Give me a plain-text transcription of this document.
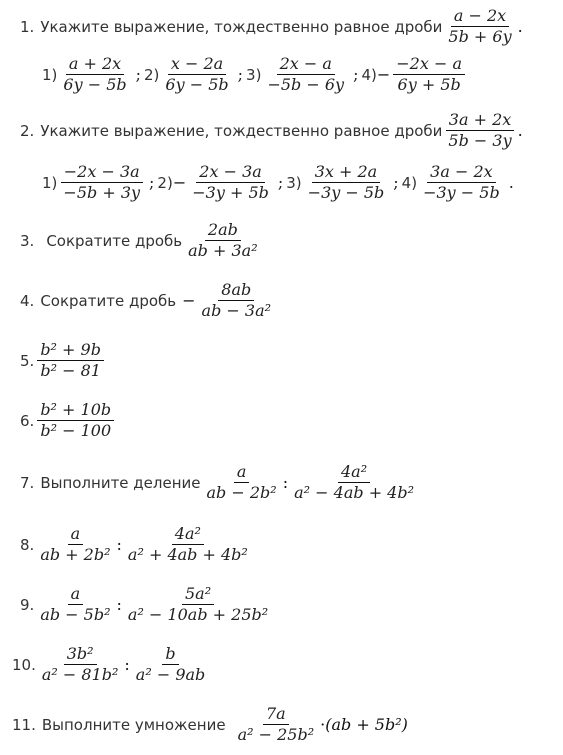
1. Укажите выражение, тождественно равное дроби $\frac{a - 2x}{5b + 6y}$ .
$1) \frac{a + 2x}{6y - 5b}$ ; $2) \frac{x - 2a}{6y - 5b}$ ; $3) \frac{2x - a}{-5b - 6y}$ ; $4) - \frac{-2x - a}{6y + 5b}$
2. Укажите выражение, тождественно равное дроби $\frac{3a + 2x}{5b - 3y}$ .
$1) \frac{-2x - 3a}{-5b + 3y}$ ; $2) - \frac{2x - 3a}{-3y + 5b}$ ; $3) \frac{3x + 2a}{-3y - 5b}$ ; $4) \frac{3a - 2x}{-3y - 5b}$ .
3. Сократите дробь $\frac{2ab}{\text{ab + 3a²}}$
4. Сократите дробь − $\frac{8ab}{\text{ab − 3a²}}$
5. $\frac{\text{b² + 9b}}{\text{b² − 81}}$
6. $\frac{\text{b² + 10b}}{\text{b² − 100}}$
7. Выполните деление $\frac{a}{\text{ab − 2b²}}$ : $\frac{\text{4a²}}{\text{a² − 4ab + 4b²}}$
8. $\frac{a}{\text{ab + 2b²}}$ : $\frac{\text{4a²}}{\text{a² + 4ab + 4b²}}$
9. $\frac{a}{\text{ab − 5b²}}$ : $\frac{\text{5a²}}{\text{a² − 10ab + 25b²}}$
10. $\frac{\text{3b²}}{\text{a² − 81b²}}$ : $\frac{b}{\text{a² − 9ab}}$
11. Выполните умножение $\frac{7a}{\text{a² − 25b²}} \cdot (ab + 5b^2)$
